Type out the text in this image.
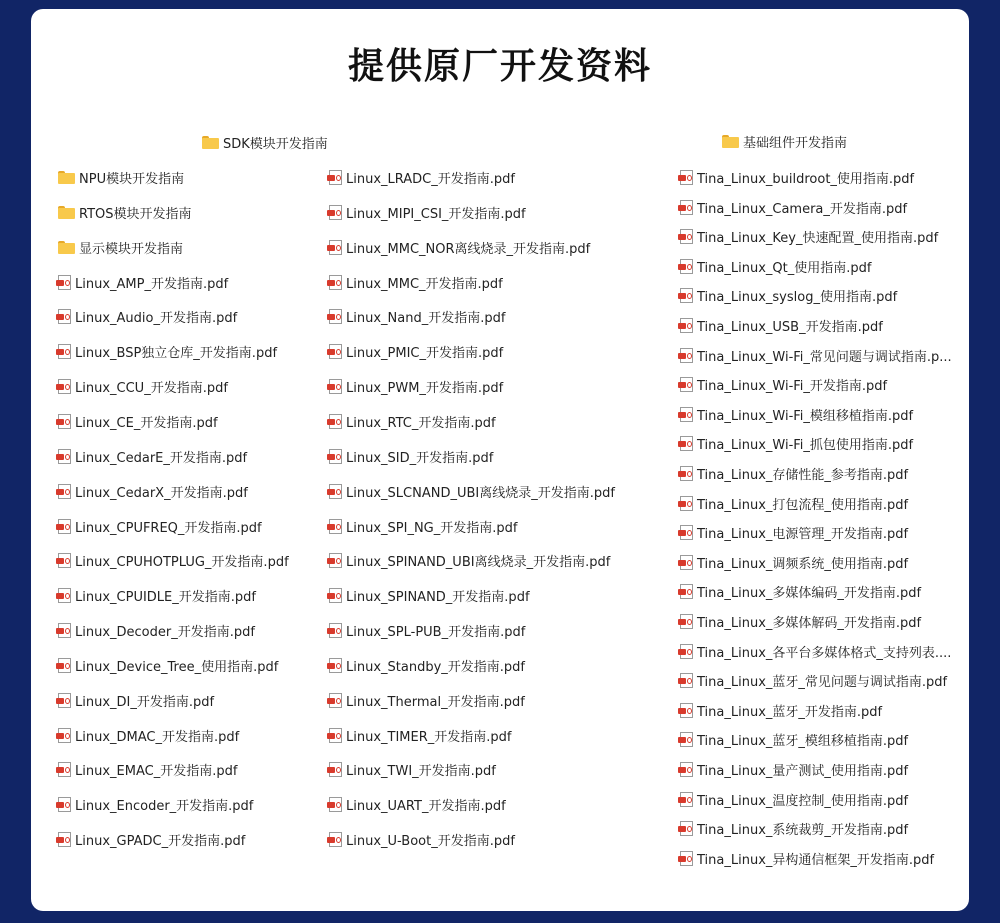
提供原厂开发资料
SDK模块开发指南	基础组件开发指南
NPU模块开发指南
RTOS模块开发指南
显示模块开发指南
Linux_AMP_开发指南.pdf
Linux_Audio_开发指南.pdf
Linux_BSP独立仓库_开发指南.pdf
Linux_CCU_开发指南.pdf
Linux_CE_开发指南.pdf
Linux_CedarE_开发指南.pdf
Linux_CedarX_开发指南.pdf
Linux_CPUFREQ_开发指南.pdf
Linux_CPUHOTPLUG_开发指南.pdf
Linux_CPUIDLE_开发指南.pdf
Linux_Decoder_开发指南.pdf
Linux_Device_Tree_使用指南.pdf
Linux_DI_开发指南.pdf
Linux_DMAC_开发指南.pdf
Linux_EMAC_开发指南.pdf
Linux_Encoder_开发指南.pdf
Linux_GPADC_开发指南.pdf
Linux_LRADC_开发指南.pdf
Linux_MIPI_CSI_开发指南.pdf
Linux_MMC_NOR离线烧录_开发指南.pdf
Linux_MMC_开发指南.pdf
Linux_Nand_开发指南.pdf
Linux_PMIC_开发指南.pdf
Linux_PWM_开发指南.pdf
Linux_RTC_开发指南.pdf
Linux_SID_开发指南.pdf
Linux_SLCNAND_UBI离线烧录_开发指南.pdf
Linux_SPI_NG_开发指南.pdf
Linux_SPINAND_UBI离线烧录_开发指南.pdf
Linux_SPINAND_开发指南.pdf
Linux_SPL-PUB_开发指南.pdf
Linux_Standby_开发指南.pdf
Linux_Thermal_开发指南.pdf
Linux_TIMER_开发指南.pdf
Linux_TWI_开发指南.pdf
Linux_UART_开发指南.pdf
Linux_U-Boot_开发指南.pdf
Tina_Linux_buildroot_使用指南.pdf
Tina_Linux_Camera_开发指南.pdf
Tina_Linux_Key_快速配置_使用指南.pdf
Tina_Linux_Qt_使用指南.pdf
Tina_Linux_syslog_使用指南.pdf
Tina_Linux_USB_开发指南.pdf
Tina_Linux_Wi-Fi_常见问题与调试指南.p...
Tina_Linux_Wi-Fi_开发指南.pdf
Tina_Linux_Wi-Fi_模组移植指南.pdf
Tina_Linux_Wi-Fi_抓包使用指南.pdf
Tina_Linux_存储性能_参考指南.pdf
Tina_Linux_打包流程_使用指南.pdf
Tina_Linux_电源管理_开发指南.pdf
Tina_Linux_调频系统_使用指南.pdf
Tina_Linux_多媒体编码_开发指南.pdf
Tina_Linux_多媒体解码_开发指南.pdf
Tina_Linux_各平台多媒体格式_支持列表....
Tina_Linux_蓝牙_常见问题与调试指南.pdf
Tina_Linux_蓝牙_开发指南.pdf
Tina_Linux_蓝牙_模组移植指南.pdf
Tina_Linux_量产测试_使用指南.pdf
Tina_Linux_温度控制_使用指南.pdf
Tina_Linux_系统裁剪_开发指南.pdf
Tina_Linux_异构通信框架_开发指南.pdf
